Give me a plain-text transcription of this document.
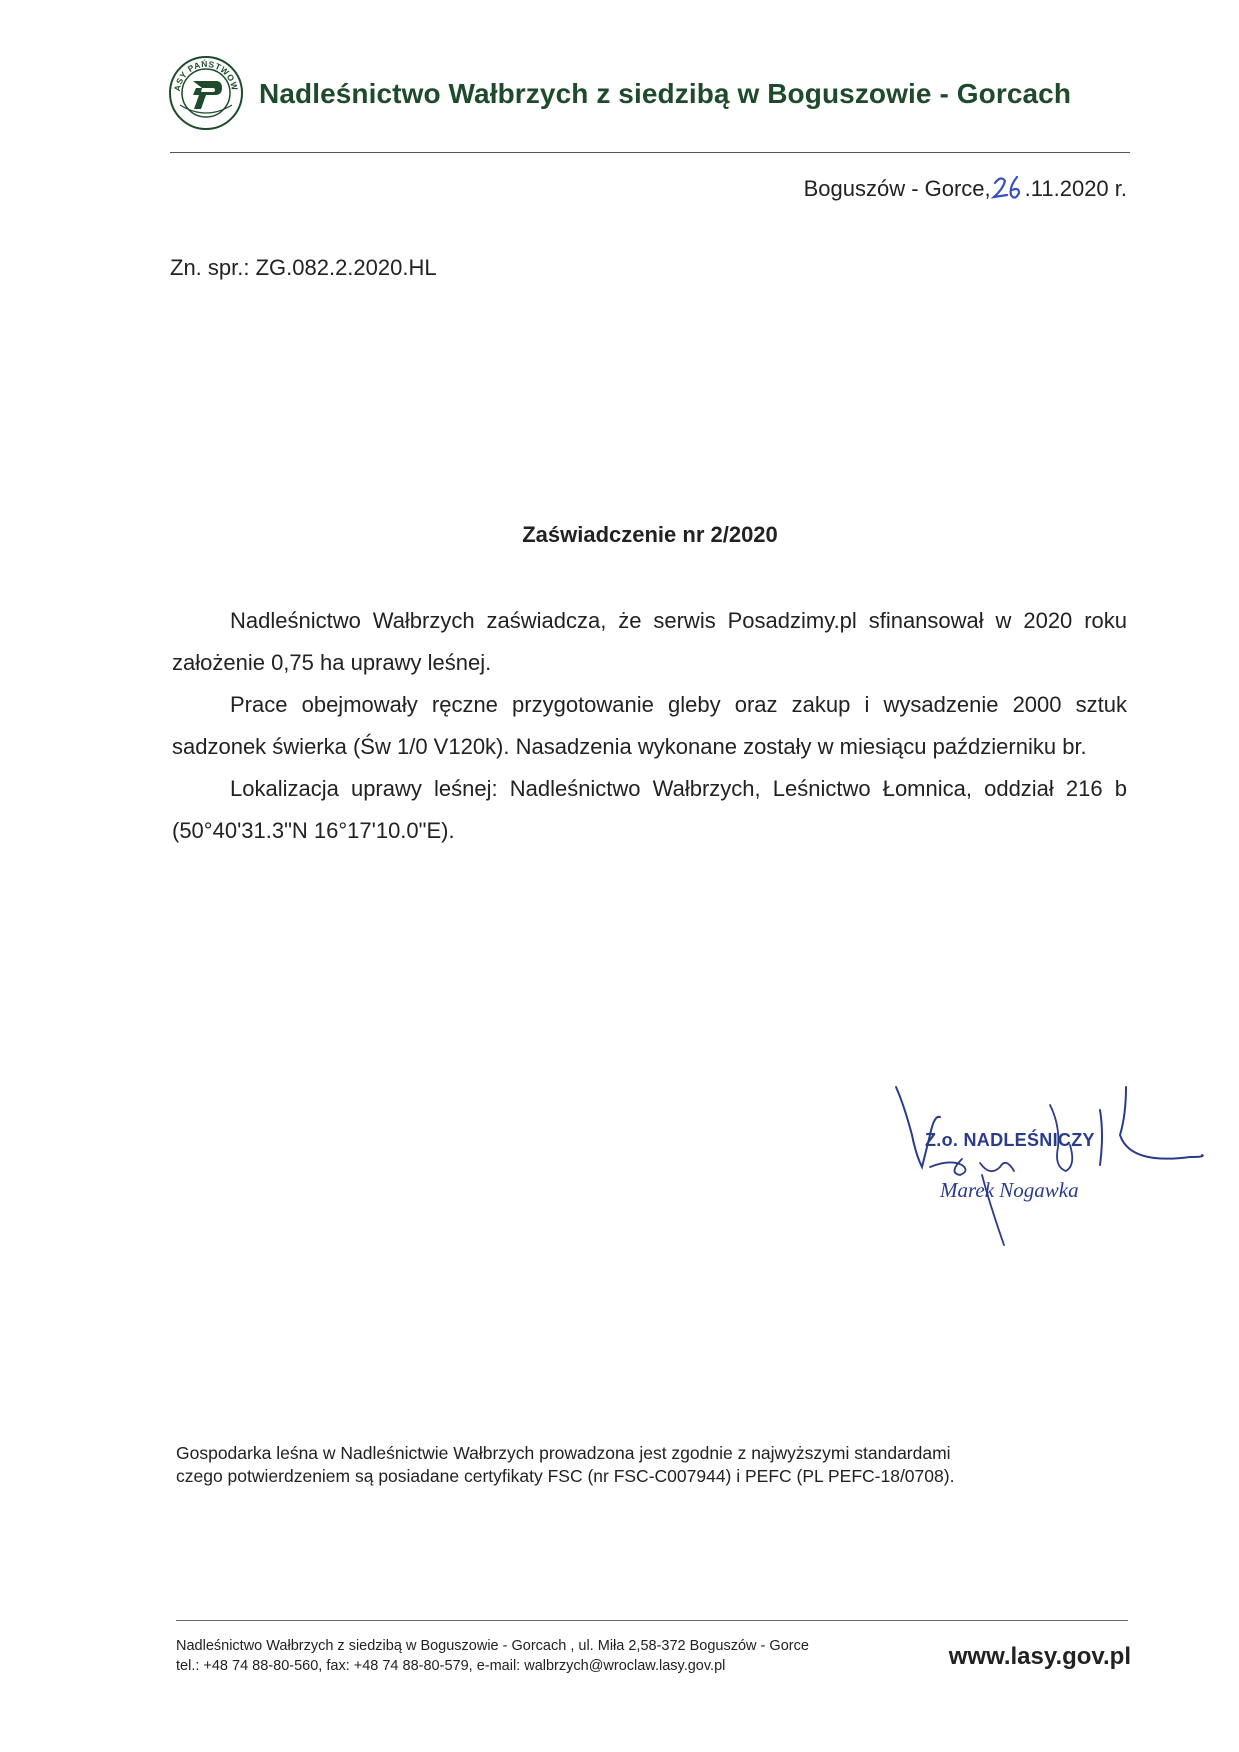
ASY PAŃSTWOW Nadleśnictwo Wałbrzych z siedzibą w Boguszowie - Gorcach
Boguszów - Gorce, .11.2020 r.
Zn. spr.: ZG.082.2.2020.HL
Zaświadczenie nr 2/2020

Nadleśnictwo Wałbrzych zaświadcza, że serwis Posadzimy.pl sfinansował w 2020 roku założenie 0,75 ha uprawy leśnej.

Prace obejmowały ręczne przygotowanie gleby oraz zakup i wysadzenie 2000 sztuk sadzonek świerka (Św 1/0 V120k). Nasadzenia wykonane zostały w miesiącu październiku br.

Lokalizacja uprawy leśnej: Nadleśnictwo Wałbrzych, Leśnictwo Łomnica, oddział 216 b (50°40'31.3"N 16°17'10.0"E).

Z.o. NADLEŚNICZY
Marek Nogawka
Gospodarka leśna w Nadleśnictwie Wałbrzych prowadzona jest zgodnie z najwyższymi standardami
czego potwierdzeniem są posiadane certyfikaty FSC (nr FSC-C007944) i PEFC (PL PEFC-18/0708).
Nadleśnictwo Wałbrzych z siedzibą w Boguszowie - Gorcach , ul. Miła 2,58-372 Boguszów - Gorce
tel.: +48 74 88-80-560, fax: +48 74 88-80-579, e-mail: walbrzych@wroclaw.lasy.gov.pl	www.lasy.gov.pl
